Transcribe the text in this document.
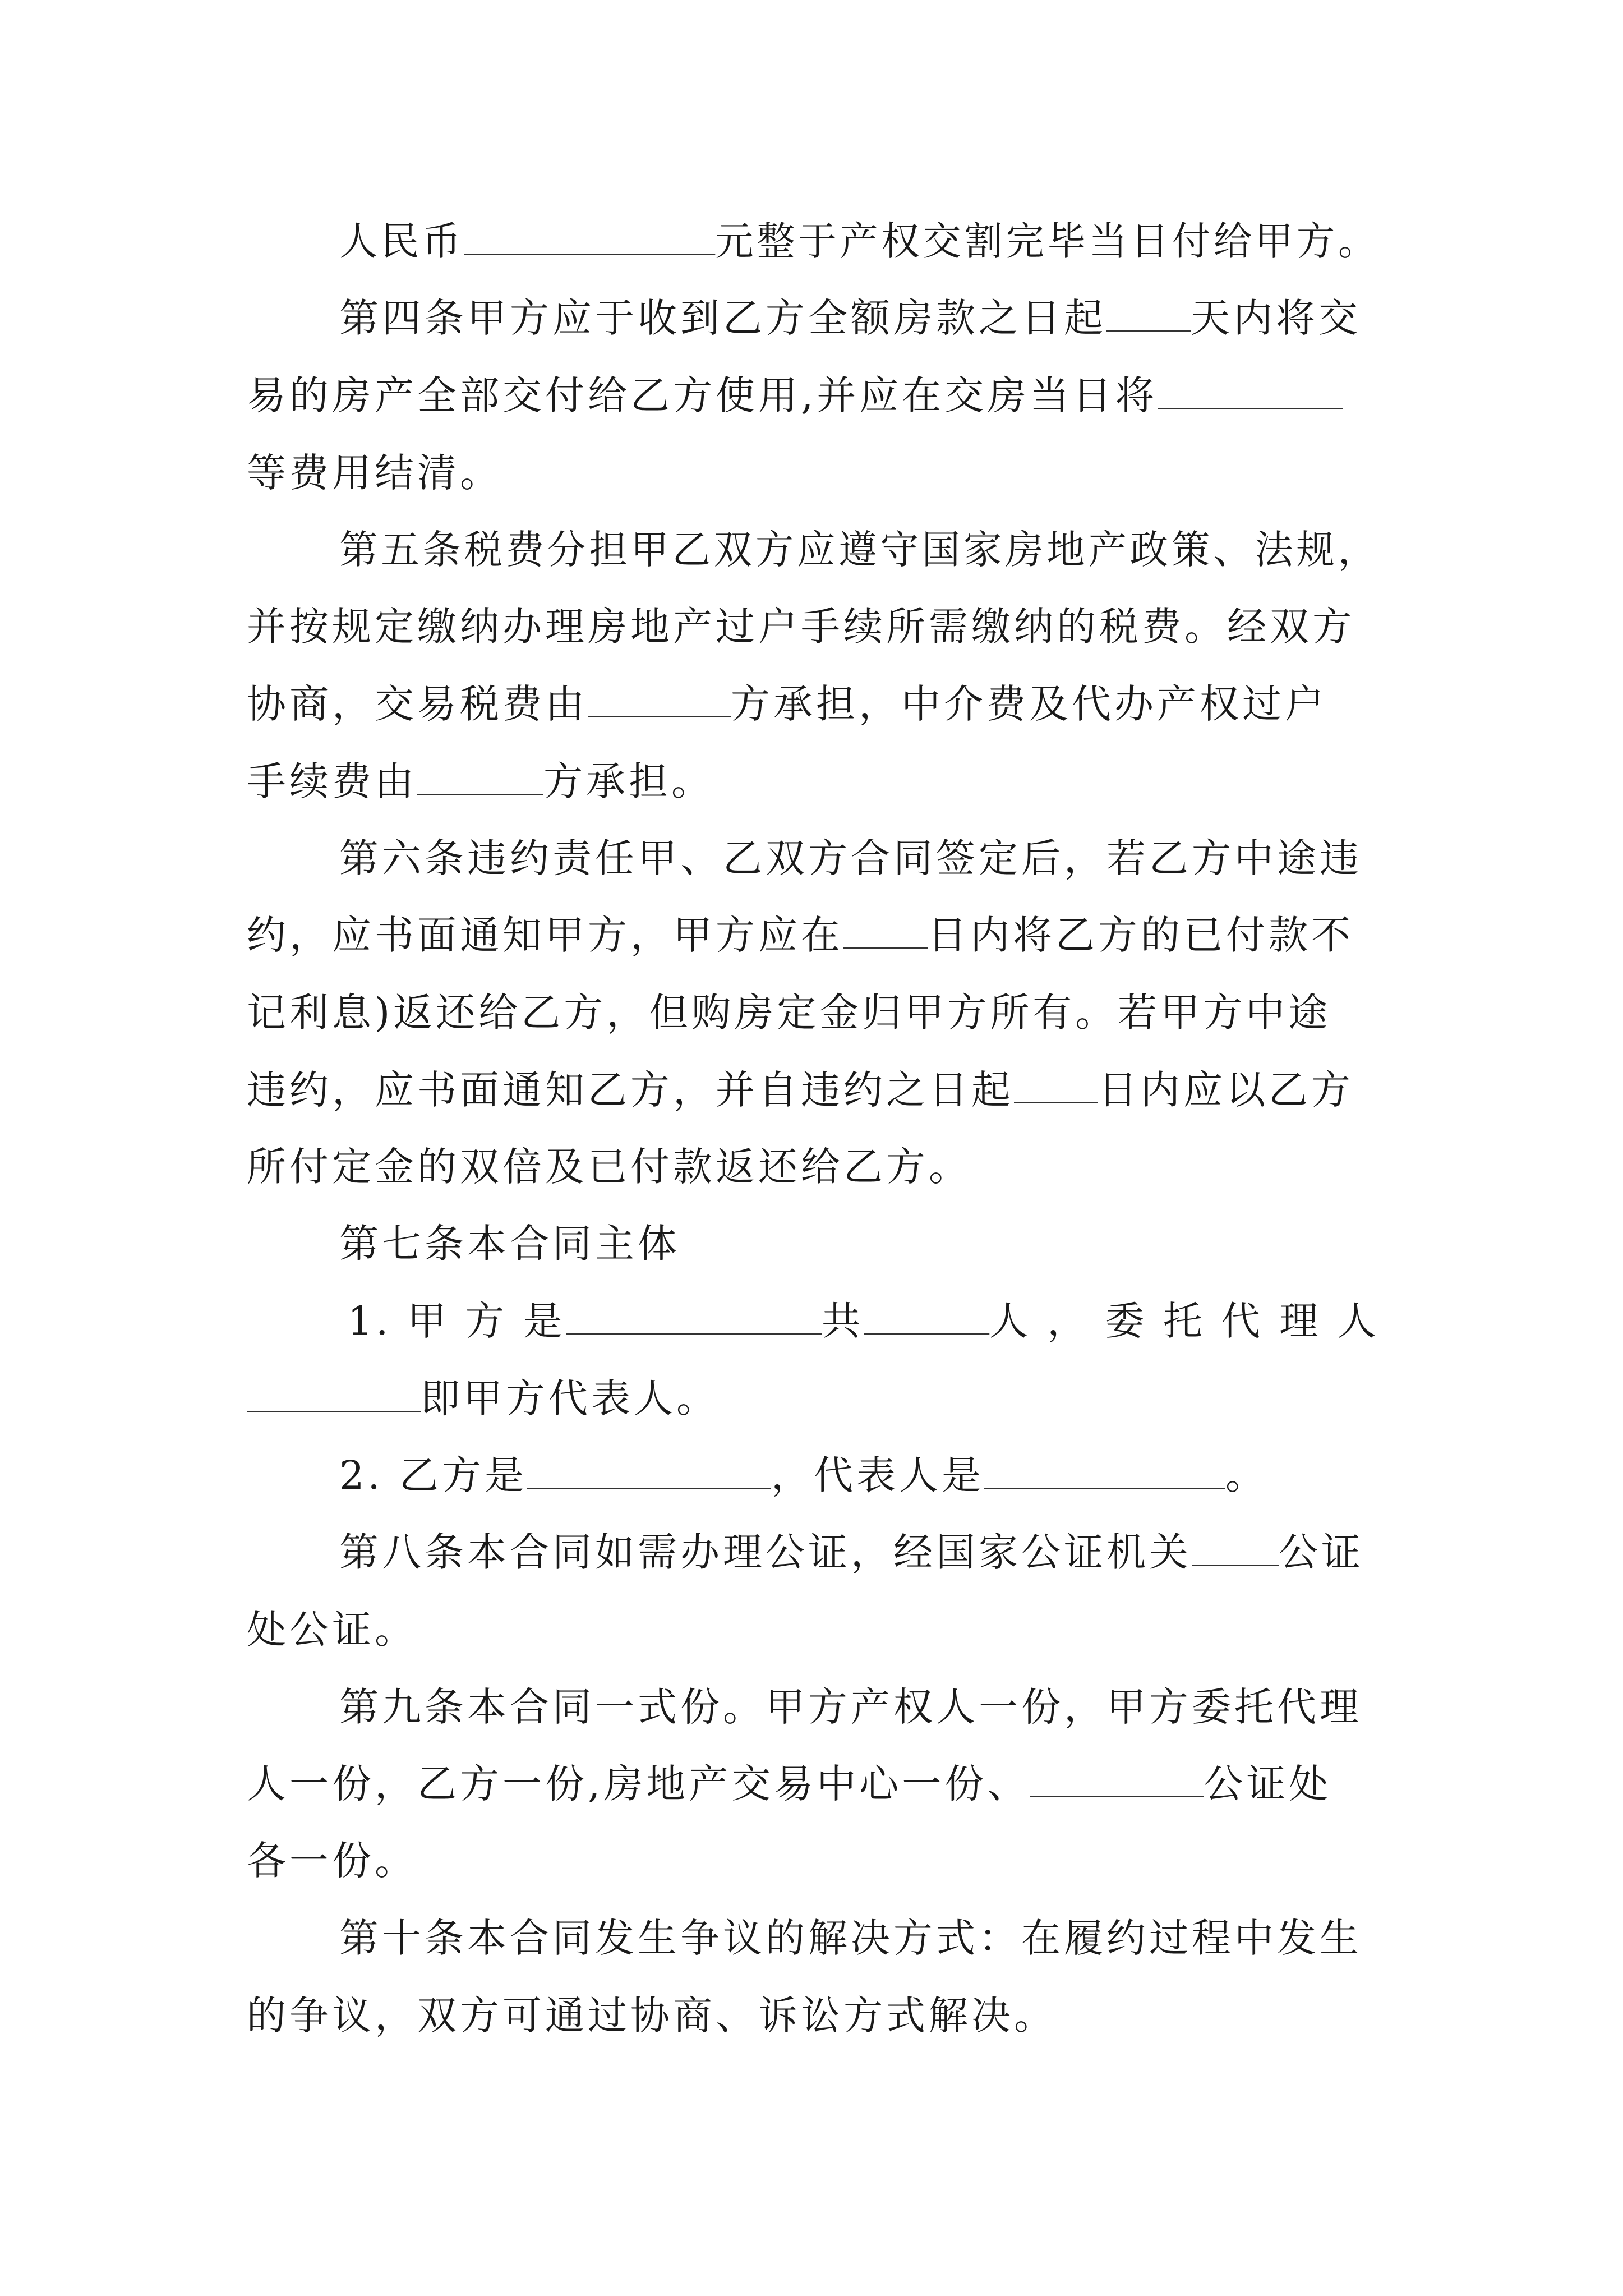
人民币	元整于产权交割完毕当日付给甲方。
第四条甲方应于收到乙方全额房款之日起 天内将交
易的房产全部交付给乙方使用,并应在交房当日将
等费用结清。
第五条税费分担甲乙双方应遵守国家房地产政策、法规，
并按规定缴纳办理房地产过户手续所需缴纳的税费。经双方
协商，交易税费由	方承担，中介费及代办产权过户
手续费由	方承担。
第六条违约责任甲、乙双方合同签定后，若乙方中途违
约，应书面通知甲方，甲方应在 日内将乙方的已付款不
记利息)返还给乙方，但购房定金归甲方所有。若甲方中途
违约，应书面通知乙方，并自违约之日起 日内应以乙方
所付定金的双倍及已付款返还给乙方。
第七条本合同主体
1. 甲 方 是	共	人 ， 委 托 代 理 人
即甲方代表人。
2. 乙方是	，代表人是	。
第八条本合同如需办理公证，经国家公证机关 公证
处公证。
第九条本合同一式份。甲方产权人一份，甲方委托代理
人一份，乙方一份,房地产交易中心一份、	公证处
各一份。
第十条本合同发生争议的解决方式：在履约过程中发生
的争议，双方可通过协商、诉讼方式解决。
